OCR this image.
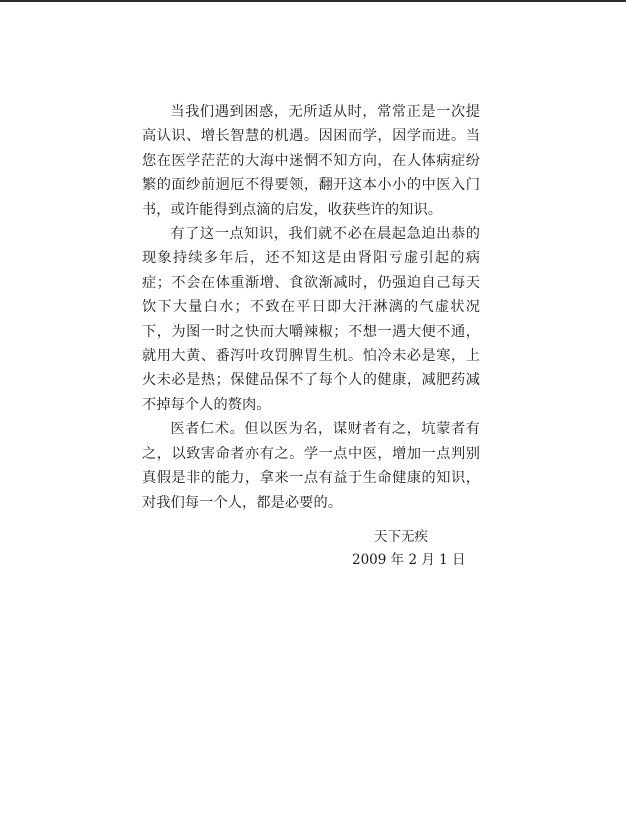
当我们遇到困惑，无所适从时，常常正是一次提高认识、增长智慧的机遇。因困而学，因学而进。当您在医学茫茫的大海中迷惘不知方向，在人体病症纷繁的面纱前迥厄不得要领，翻开这本小小的中医入门书，或许能得到点滴的启发，收获些许的知识。

有了这一点知识，我们就不必在晨起急迫出恭的现象持续多年后，还不知这是由肾阳亏虚引起的病症；不会在体重渐增、食欲渐减时，仍强迫自己每天饮下大量白水；不致在平日即大汗淋漓的气虚状况下，为图一时之快而大嚼辣椒；不想一遇大便不通，就用大黄、番泻叶攻罚脾胃生机。怕冷未必是寒，上火未必是热；保健品保不了每个人的健康，减肥药减不掉每个人的赘肉。

医者仁术。但以医为名，谋财者有之，坑蒙者有之，以致害命者亦有之。学一点中医，增加一点判别真假是非的能力，拿来一点有益于生命健康的知识，对我们每一个人，都是必要的。

天下无疾
2009 年 2 月 1 日
